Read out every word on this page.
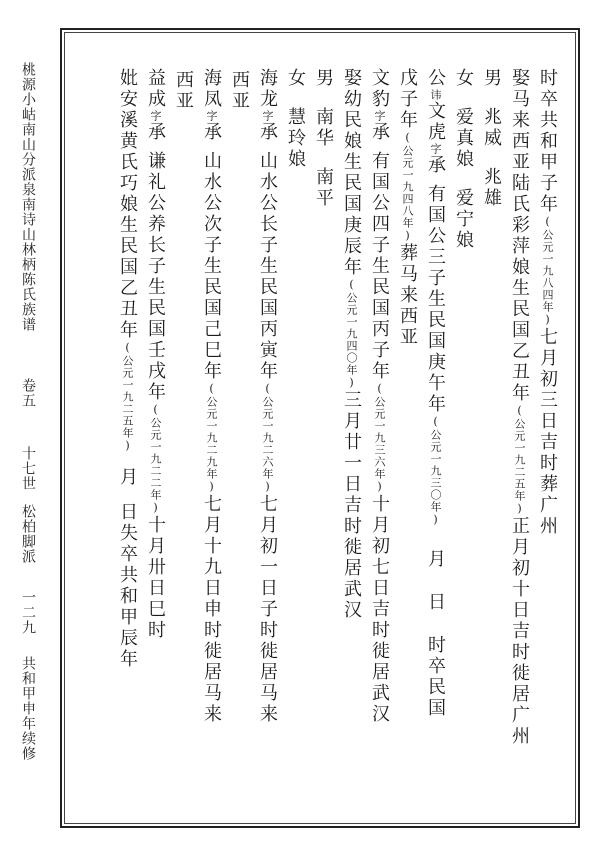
桃源小岵南山分派泉南诗山林柄陈氏族谱
卷五
十七世
松柏脚派
一二九
共和甲申年续修
时卒共和甲子年(公元一九八四年)七月初三日吉时葬广州
娶马来西亚陆氏彩萍娘生民国乙丑年(公元一九二五年)正月初十日吉时徙居广州
男兆威兆雄
女爱真娘爱宁娘
公讳文虎字承有国公三子生民国庚午年(公元一九三〇年)月日时卒民国
戊子年(公元一九四八年)葬马来西亚
文豹字承有国公四子生民国丙子年(公元一九三六年)十月初七日吉时徙居武汉
娶幼民娘生民国庚辰年(公元一九四〇年)三月廿一日吉时徙居武汉
男南华南平
女慧玲娘
海龙字承山水公长子生民国丙寅年(公元一九二六年)七月初一日子时徙居马来
西亚
海凤字承山水公次子生民国己巳年(公元一九二九年)七月十九日申时徙居马来
西亚
益成字承谦礼公养长子生民国壬戌年(公元一九二二年)十月卅日巳时
妣安溪黄氏巧娘生民国乙丑年(公元一九二五年)月日失卒共和甲辰年
